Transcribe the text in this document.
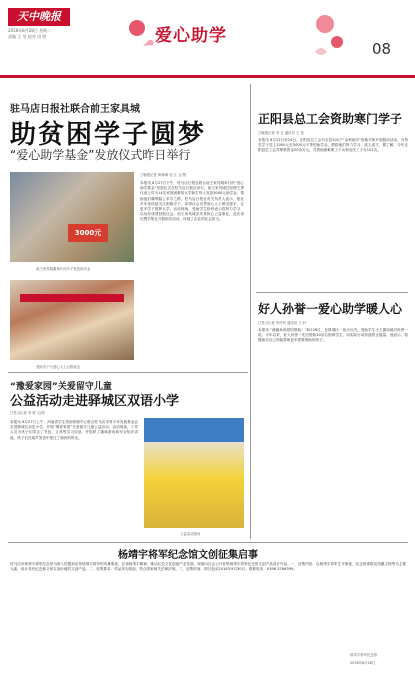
天中晚报
2018年8月28日 星期二
责编 王 莹 校对 田 野	爱心助学
08
驻马店日报社联合前王家具城
助贫困学子圆梦
“爱心助学基金”发放仪式昨日举行
3000元
前王家具城董事长向学子发放助学金
受助学子与爱心人士合影留念
□晚报记者 黄林琳 吴 江 文/图
本报讯 8月27日下午，驻马店日报社联合前王家具城举行的“爱心助学基金”发放仪式在驻马店日报社举行。前王家具城总经理王勇代表公司为14名家庭困难的大学新生每人发放3000元助学金，帮助他们顺利踏上求学之路。驻马店日报社有关负责人表示，报社多年来持续关注困难学子，希望社会各界爱心人士伸出援手，让更多学子圆梦大学。活动现场，受助学生纷纷表示将努力学习，以优异成绩回报社会。前王家具城多年来热心公益事业，此次再次携手报社开展助学活动，体现了企业的社会担当。
“豫爱家园”关爱留守儿童
公益活动走进驿城区双语小学
□见习记者 李 婷 文/图
本报讯 8月27日上午，河南省学生资助管理中心联合驻马店市青少年发展基金会走进驿城区双语小学，开展“豫爱家园”关爱留守儿童公益活动。活动现场，工作人员为孩子们带去了书包、文具等学习用品，并组织了趣味游戏和安全知识讲座。孩子们在欢声笑语中度过了愉快的时光。
公益活动现场
正阳县总工会资助寒门学子
□晚报记者 李 玉 通讯员 王 伟
本报讯 8月22日至24日，正阳县总工会对全县101户“金秋助学”资助对象开展慰问活动，为每名学子送上1000元至3000元不等的助学金，鼓励他们努力学习、成人成才。据了解，今年正阳县总工会共筹集资金20余万元，共资助困难职工子女和农民工子女101名。
好人孙誉一爱心助学暖人心
□见习记者 毕玲玲 通讯员 王 轩
本报讯 “谢谢孙叔叔的帮助！”8月26日，在驿城区一处小区内，受助学生小王激动地对孙誉一说。今年以来，好人孙誉一先后资助10余名困难学生，用实际行动传递着正能量。他表示，将继续尽自己所能帮助更多需要帮助的孩子。
杨靖宇将军纪念馆文创征集启事
驻马店市杨靖宇将军纪念馆为深入挖掘和宣传杨靖宇将军的英雄事迹，弘扬杨靖宇精神，推动红色文化创意产业发展，现面向社会公开征集杨靖宇将军纪念馆文创产品设计作品。一、征集内容：以杨靖宇将军生平事迹、纪念馆建筑及馆藏文物等为主要元素，设计具有纪念意义和实用价值的文创产品。二、征集要求：作品须为原创，符合国家相关法律法规。三、征集时间：即日起至2018年9月30日。联系电话：0396-3766399。
杨靖宇将军纪念馆
2018年8月28日
